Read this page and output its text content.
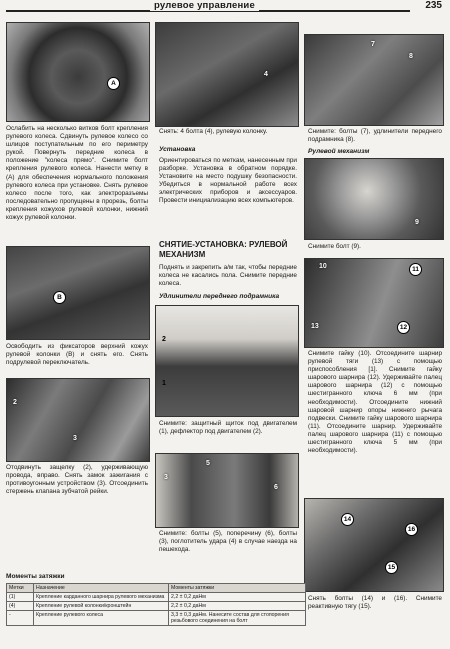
рулевое управление	235
A
Ослабить на несколько витков болт крепления рулевого колеса. Сдвинуть рулевое колесо со шлицов поступательным по его периметру рукой. Повернуть передние колеса в положение "колеса прямо". Снимите болт крепления рулевого колеса. Нанести метку в (А) для обеспечения нормального положения рулевого колеса при установке. Снять рулевое колесо после того, как электроразъемы последовательно пропущены в прорезь, болты крепления кожухов рулевой колонки, нижний кожух рулевой колонки.
B
Освободить из фиксаторов верхний кожух рулевой колонки (В) и снять его. Снять подрулевой переключатель.
2
3
Отодвинуть защелку (2), удерживающую провода, вправо. Снять замок зажигания с противоугонным устройством (3). Отсоединить стержень клапана зубчатой рейки.
4
Снять: 4 болта (4), рулевую колонку.
Установка
Ориентироваться по меткам, нанесенным при разборке. Установка в обратном порядке. Установите на место подушку безопасности. Убедиться в нормальной работе всех электрических приборов и аксессуаров. Провести инициализацию всех компьютеров.
СНЯТИЕ-УСТАНОВКА: РУЛЕВОЙ МЕХАНИЗМ
Поднять и закрепить а/м так, чтобы передние колеса не касались пола. Снимите передние колеса.
Удлинители переднего подрамника
1
2
Снимите: защитный щиток под двигателем (1), дефлектор под двигателем (2).
3
5
6
Снимите: болты (5), поперечину (6), болты (3), поглотитель удара (4) в случае наезда на пешехода.
7
8
Снимите: болты (7), удлинители переднего подрамника (8).
Рулевой механизм
9
Снимите болт (9).
10	11
12
13
Снимите гайку (10). Отсоедините шарнир рулевой тяги (13) с помощью приспособления [1]. Снимите гайку шарового шарнира (12). Удерживайте палец шарового шарнира (12) с помощью шестигранного ключа 6 мм (при необходимости). Отсоедините нижний шаровой шарнир опоры нижнего рычага подвески. Снимите гайку шарового шарнира (11). Отсоедините шарнир. Удерживайте палец шарового шарнира (11) с помощью шестигранного ключа 5 мм (при необходимости).
14
15
16
Снять болты (14) и (16). Снимите реактивную тягу (15).
Моменты затяжки
Метки	Назначение	Моменты затяжки
(1)	Крепление карданного шарнира рулевого механизма	2,2 ± 0,2 даНм
(4)	Крепление рулевой колонки/кронштейн	2,2 ± 0,2 даНм
-	Крепление рулевого колеса	3,3 ± 0,3 даНм. Нанесите состав для стопорения резьбового соединения на болт
